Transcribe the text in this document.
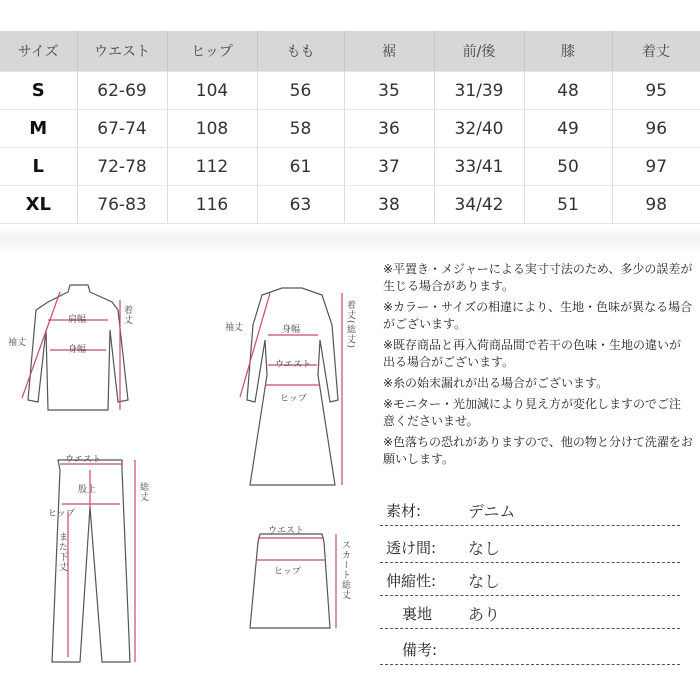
サイズ	ウエスト	ヒップ	もも	裾	前/後	膝	着丈
S	62-69	104	56	35	31/39	48	95
M	67-74	108	58	36	32/40	49	96
L	72-78	112	61	37	33/41	50	97
XL	76-83	116	63	38	34/42	51	98
肩幅
身幅
着丈
袖丈
身幅
ウエスト
ヒップ
着丈(総丈)
袖丈
ウエスト
股上
ヒップ
また下丈
総丈
ウエスト
ヒップ	スカート総丈
※平置き・メジャーによる実寸寸法のため、多少の誤差が生じる場合があります。
※カラー・サイズの相違により、生地・色味が異なる場合がございます。
※既存商品と再入荷商品間で若干の色味・生地の違いが出る場合がございます。
※糸の始末漏れが出る場合がございます。
※モニター・光加減により見え方が変化しますのでご注意くださいませ。
※色落ちの恐れがありますので、他の物と分けて洗濯をお願いします。
素材:	デニム
透け間: なし
伸縮性: なし
裏地 あり
備考:
